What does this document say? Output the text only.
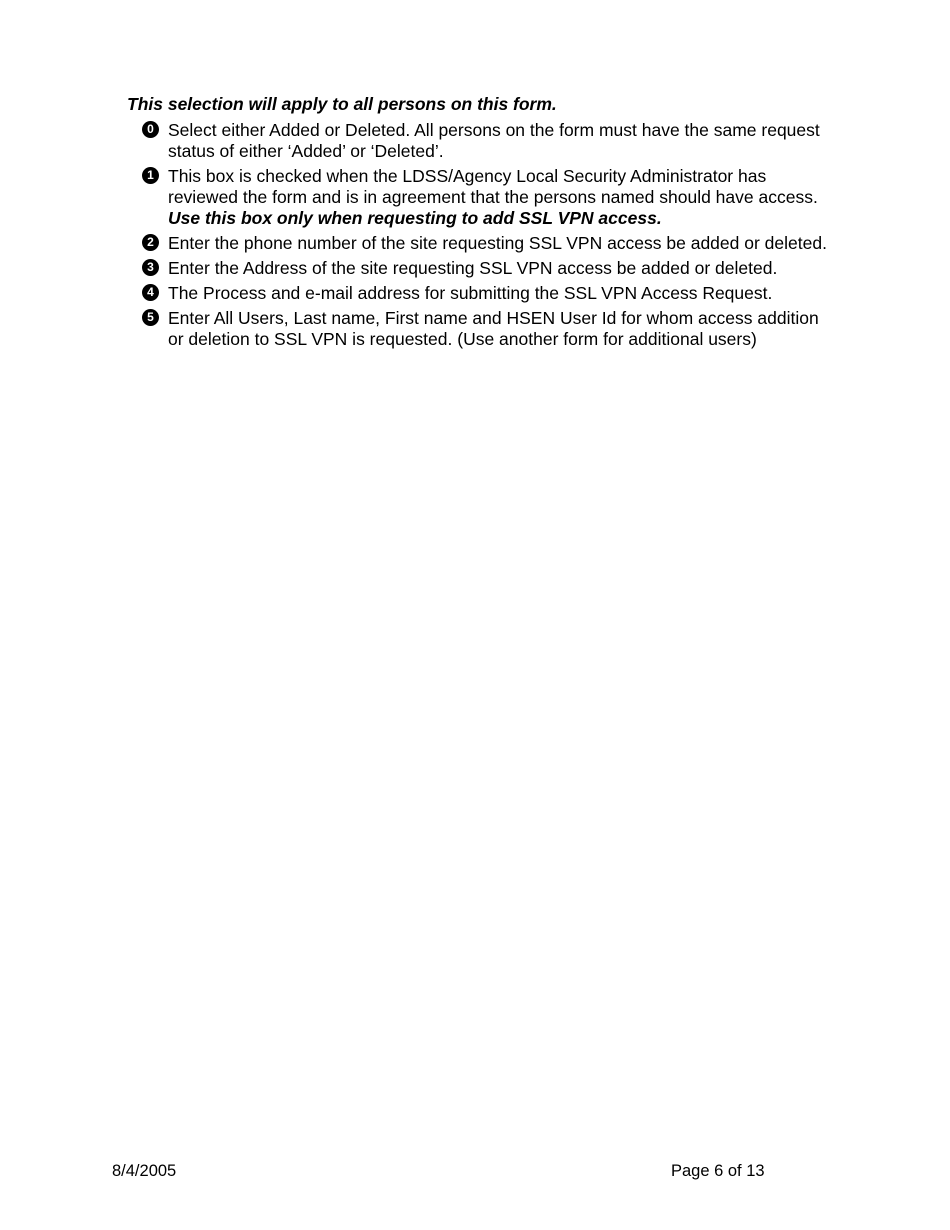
This selection will apply to all persons on this form.
0 Select either Added or Deleted. All persons on the form must have the same request status of either ‘Added’ or ‘Deleted’.
1 This box is checked when the LDSS/Agency Local Security Administrator has reviewed the form and is in agreement that the persons named should have access. Use this box only when requesting to add SSL VPN access.
2 Enter the phone number of the site requesting SSL VPN access be added or deleted.
3 Enter the Address of the site requesting SSL VPN access be added or deleted.
4 The Process and e-mail address for submitting the SSL VPN Access Request.
5 Enter All Users, Last name, First name and HSEN User Id for whom access addition or deletion to SSL VPN is requested. (Use another form for additional users)
8/4/2005	Page 6 of 13
